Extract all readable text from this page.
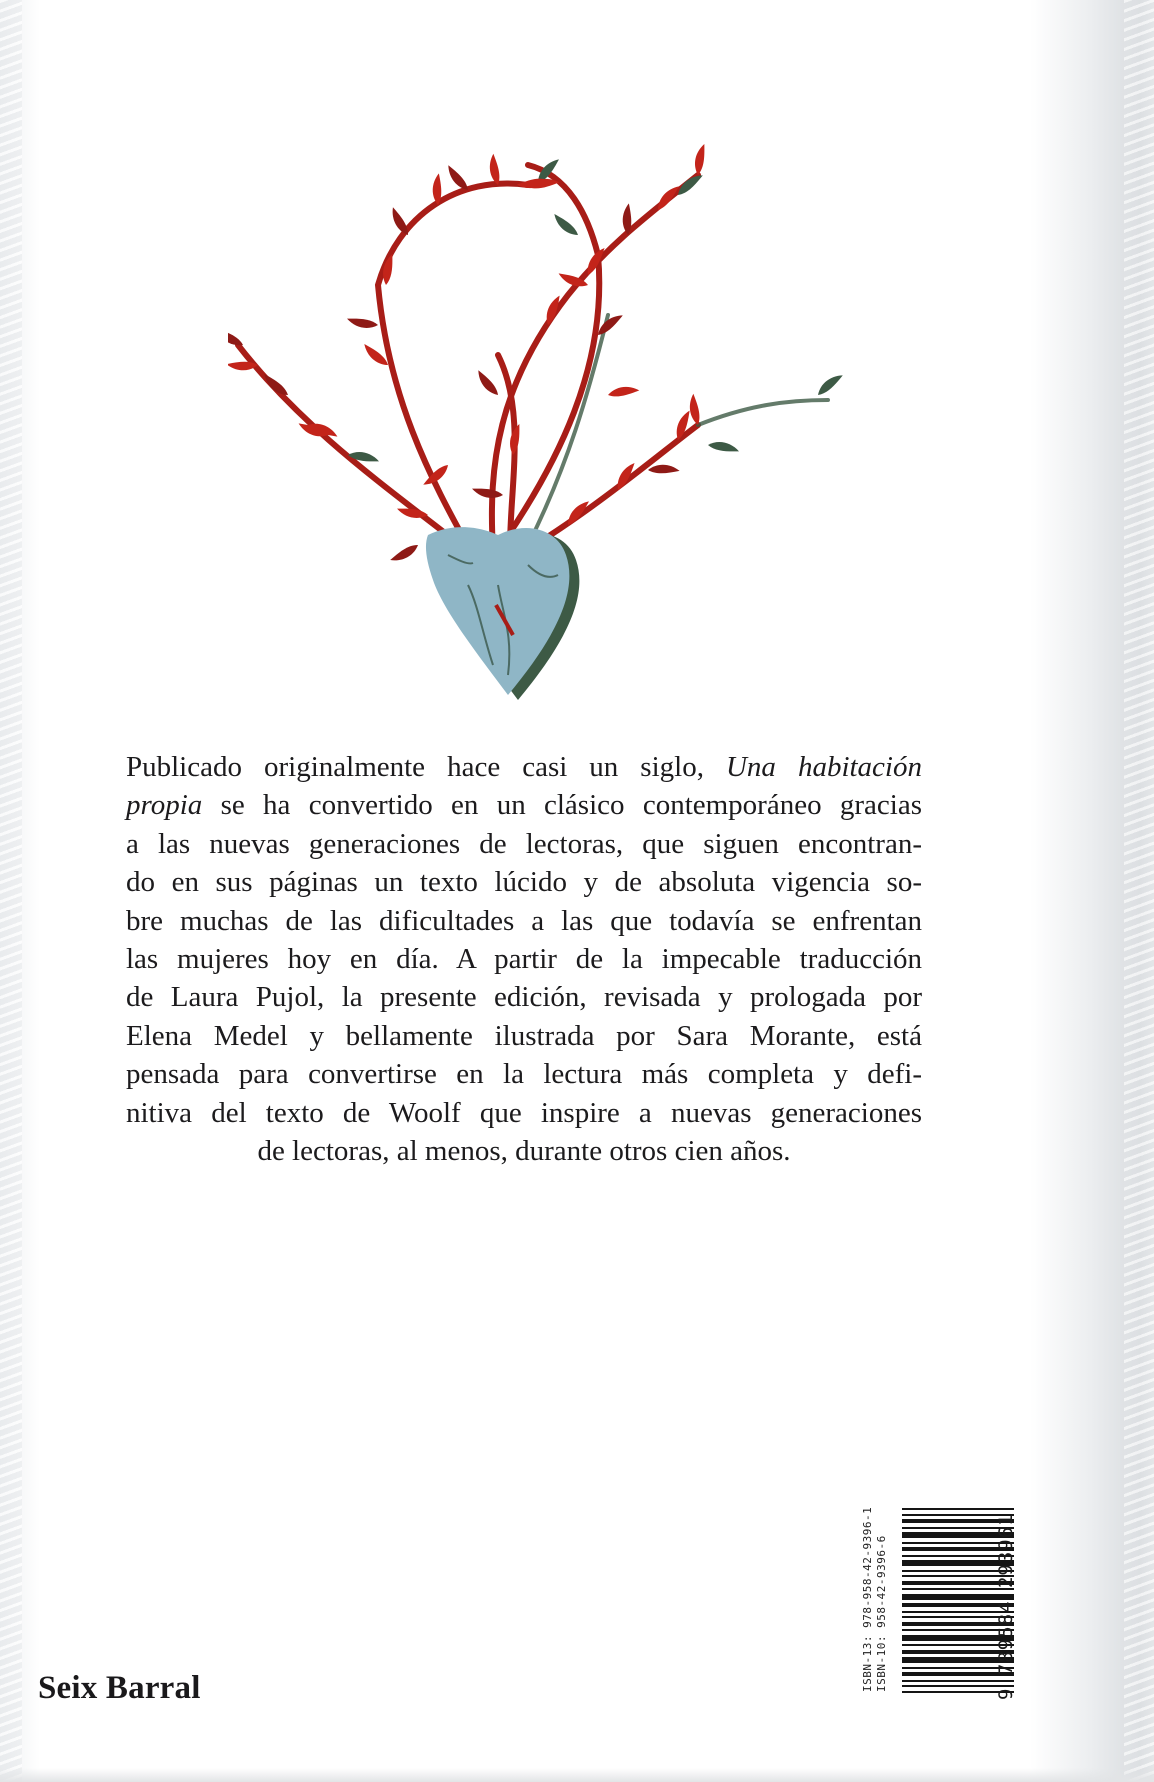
Publicado originalmente hace casi un siglo, Una habitación
propia se ha convertido en un clásico contemporáneo gracias
a las nuevas generaciones de lectoras, que siguen encontran-
do en sus páginas un texto lúcido y de absoluta vigencia so-
bre muchas de las dificultades a las que todavía se enfrentan
las mujeres hoy en día. A partir de la impecable traducción
de Laura Pujol, la presente edición, revisada y prologada por
Elena Medel y bellamente ilustrada por Sara Morante, está
pensada para convertirse en la lectura más completa y defi-
nitiva del texto de Woolf que inspire a nuevas generaciones
de lectoras, al menos, durante otros cien años.
Seix Barral	ISBN-13: 978-958-42-9396-1 ISBN-10: 958-42-9396-6	9 789584 293961
